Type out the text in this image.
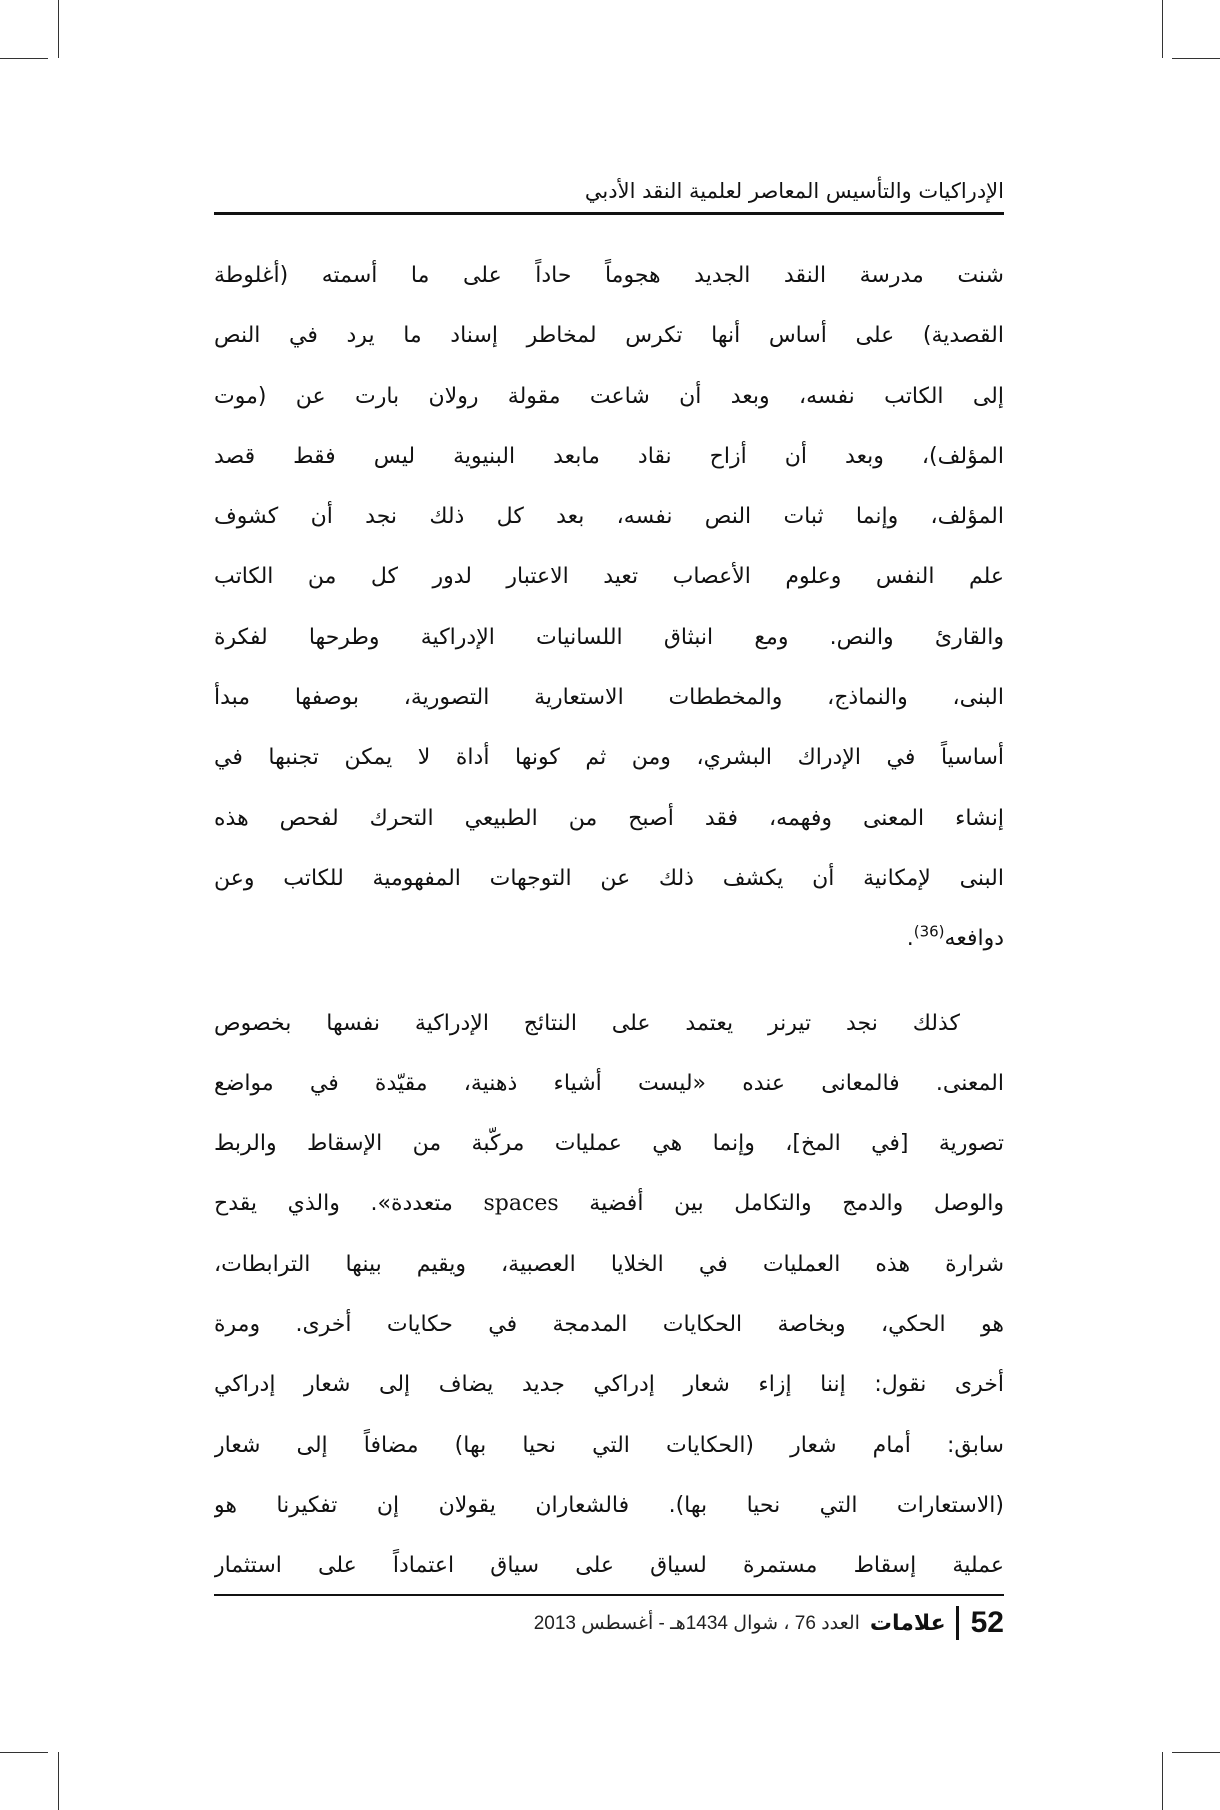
الإدراكيات والتأسيس المعاصر لعلمية النقد الأدبي
شنت مدرسة النقد الجديد هجوماً حاداً على ما أسمته (أغلوطة
القصدية) على أساس أنها تكرس لمخاطر إسناد ما يرد في النص
إلى الكاتب نفسه، وبعد أن شاعت مقولة رولان بارت عن (موت
المؤلف)، وبعد أن أزاح نقاد مابعد البنيوية ليس فقط قصد
المؤلف، وإنما ثبات النص نفسه، بعد كل ذلك نجد أن كشوف
علم النفس وعلوم الأعصاب تعيد الاعتبار لدور كل من الكاتب
والقارئ والنص. ومع انبثاق اللسانيات الإدراكية وطرحها لفكرة
البنى، والنماذج، والمخططات الاستعارية التصورية، بوصفها مبدأ
أساسياً في الإدراك البشري، ومن ثم كونها أداة لا يمكن تجنبها في
إنشاء المعنى وفهمه، فقد أصبح من الطبيعي التحرك لفحص هذه
البنى لإمكانية أن يكشف ذلك عن التوجهات المفهومية للكاتب وعن
دوافعه$^{(36)}$.
كذلك نجد تيرنر يعتمد على النتائج الإدراكية نفسها بخصوص
المعنى. فالمعانى عنده «ليست أشياء ذهنية، مقيّدة في مواضع
تصورية [في المخ]، وإنما هي عمليات مركّبة من الإسقاط والربط
والوصل والدمج والتكامل بين أفضية spaces متعددة». والذي يقدح
شرارة هذه العمليات في الخلايا العصبية، ويقيم بينها الترابطات،
هو الحكي، وبخاصة الحكايات المدمجة في حكايات أخرى. ومرة
أخرى نقول: إننا إزاء شعار إدراكي جديد يضاف إلى شعار إدراكي
سابق: أمام شعار (الحكايات التي نحيا بها) مضافاً إلى شعار
(الاستعارات التي نحيا بها). فالشعاران يقولان إن تفكيرنا هو
عملية إسقاط مستمرة لسياق على سياق اعتماداً على استثمار
العدد 76 ، شوال 1434هـ - أغسطس 2013 علامات 52
